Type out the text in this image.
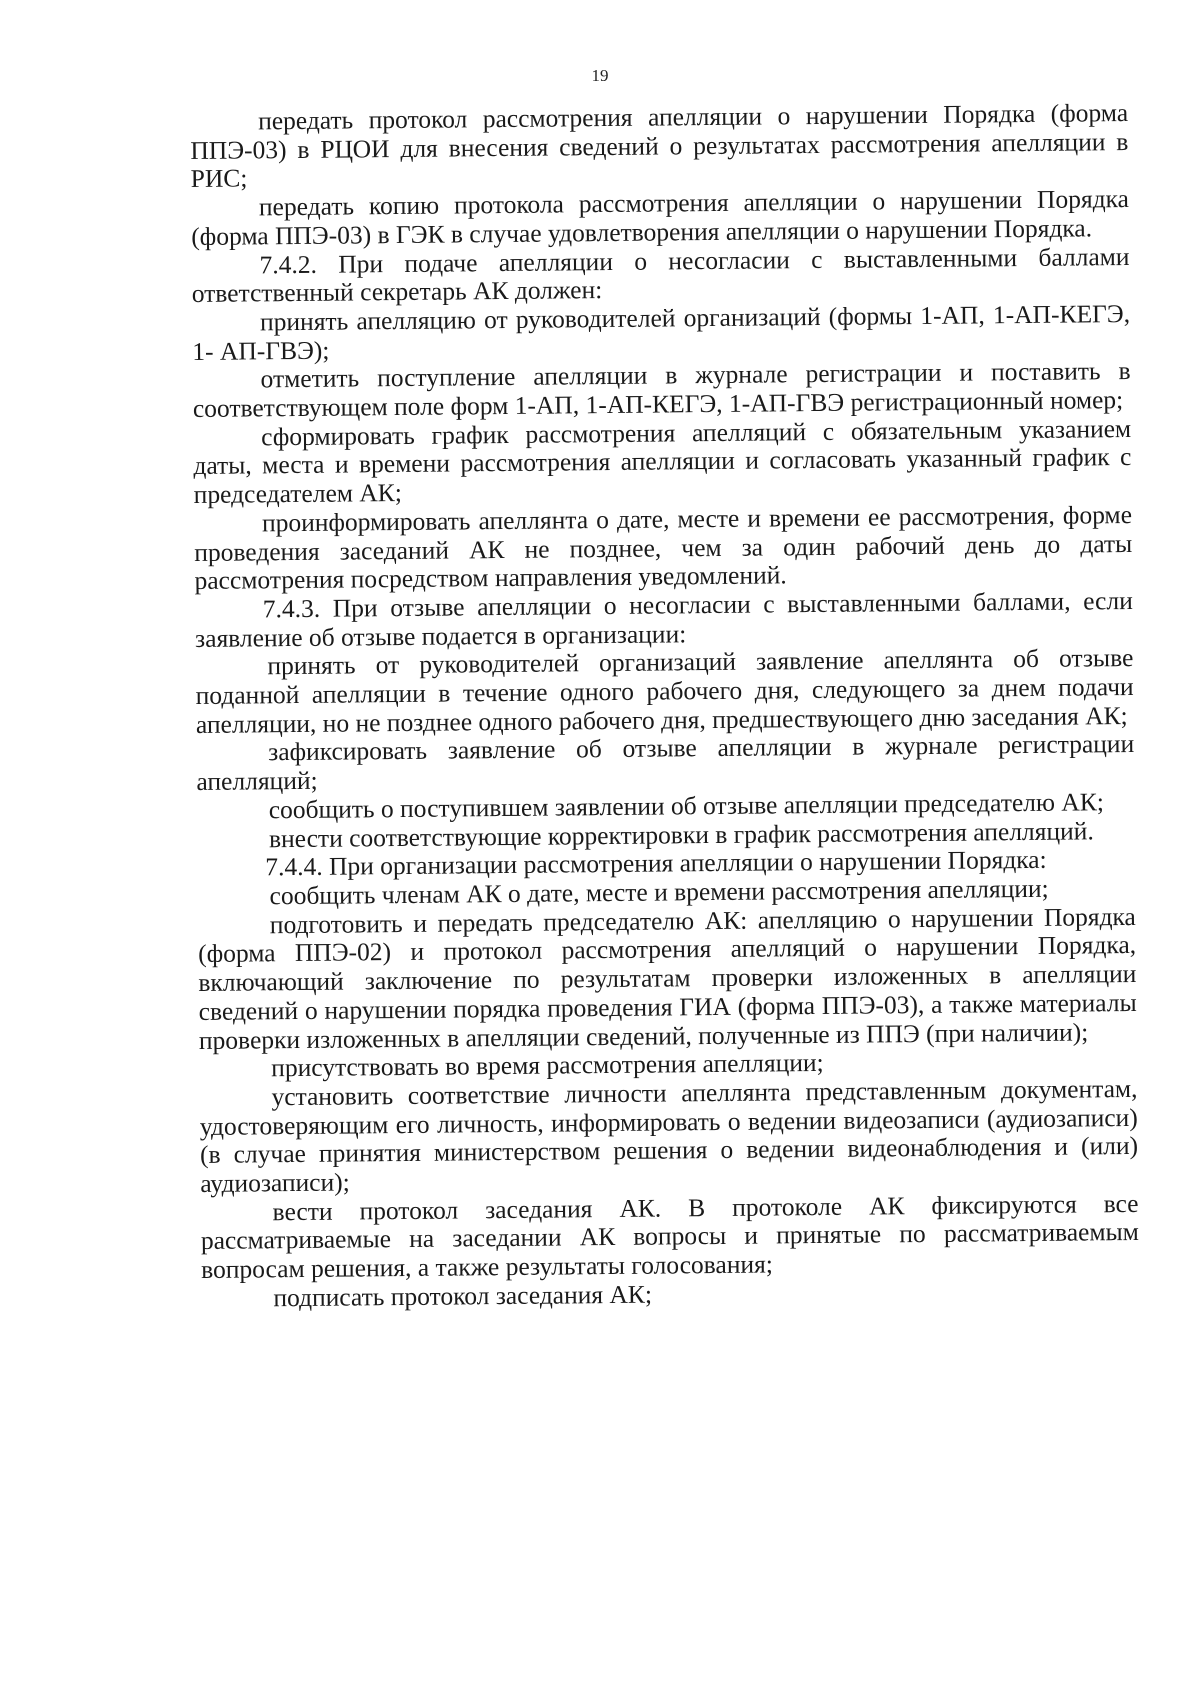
19

передать протокол рассмотрения апелляции о нарушении Порядка (форма ППЭ-03) в РЦОИ для внесения сведений о результатах рассмотрения апелляции в РИС;

передать копию протокола рассмотрения апелляции о нарушении Порядка (форма ППЭ-03) в ГЭК в случае удовлетворения апелляции о нарушении Порядка.

7.4.2. При подаче апелляции о несогласии с выставленными баллами ответственный секретарь АК должен:

принять апелляцию от руководителей организаций (формы 1-АП, 1-АП-КЕГЭ, 1- АП-ГВЭ);

отметить поступление апелляции в журнале регистрации и поставить в соответствующем поле форм 1-АП, 1-АП-КЕГЭ, 1-АП-ГВЭ регистрационный номер;

сформировать график рассмотрения апелляций с обязательным указанием даты, места и времени рассмотрения апелляции и согласовать указанный график с председателем АК;

проинформировать апеллянта о дате, месте и времени ее рассмотрения, форме проведения заседаний АК не позднее, чем за один рабочий день до даты рассмотрения посредством направления уведомлений.

7.4.3. При отзыве апелляции о несогласии с выставленными баллами, если заявление об отзыве подается в организации:

принять от руководителей организаций заявление апеллянта об отзыве поданной апелляции в течение одного рабочего дня, следующего за днем подачи апелляции, но не позднее одного рабочего дня, предшествующего дню заседания АК;

зафиксировать заявление об отзыве апелляции в журнале регистрации апелляций;

сообщить о поступившем заявлении об отзыве апелляции председателю АК;

внести соответствующие корректировки в график рассмотрения апелляций.

7.4.4. При организации рассмотрения апелляции о нарушении Порядка:

сообщить членам АК о дате, месте и времени рассмотрения апелляции;

подготовить и передать председателю АК: апелляцию о нарушении Порядка (форма ППЭ-02) и протокол рассмотрения апелляций о нарушении Порядка, включающий заключение по результатам проверки изложенных в апелляции сведений о нарушении порядка проведения ГИА (форма ППЭ-03), а также материалы проверки изложенных в апелляции сведений, полученные из ППЭ (при наличии);

присутствовать во время рассмотрения апелляции;

установить соответствие личности апеллянта представленным документам, удостоверяющим его личность, информировать о ведении видеозаписи (аудиозаписи) (в случае принятия министерством решения о ведении видеонаблюдения и (или) аудиозаписи);

вести протокол заседания АК. В протоколе АК фиксируются все рассматриваемые на заседании АК вопросы и принятые по рассматриваемым вопросам решения, а также результаты голосования;

подписать протокол заседания АК;
